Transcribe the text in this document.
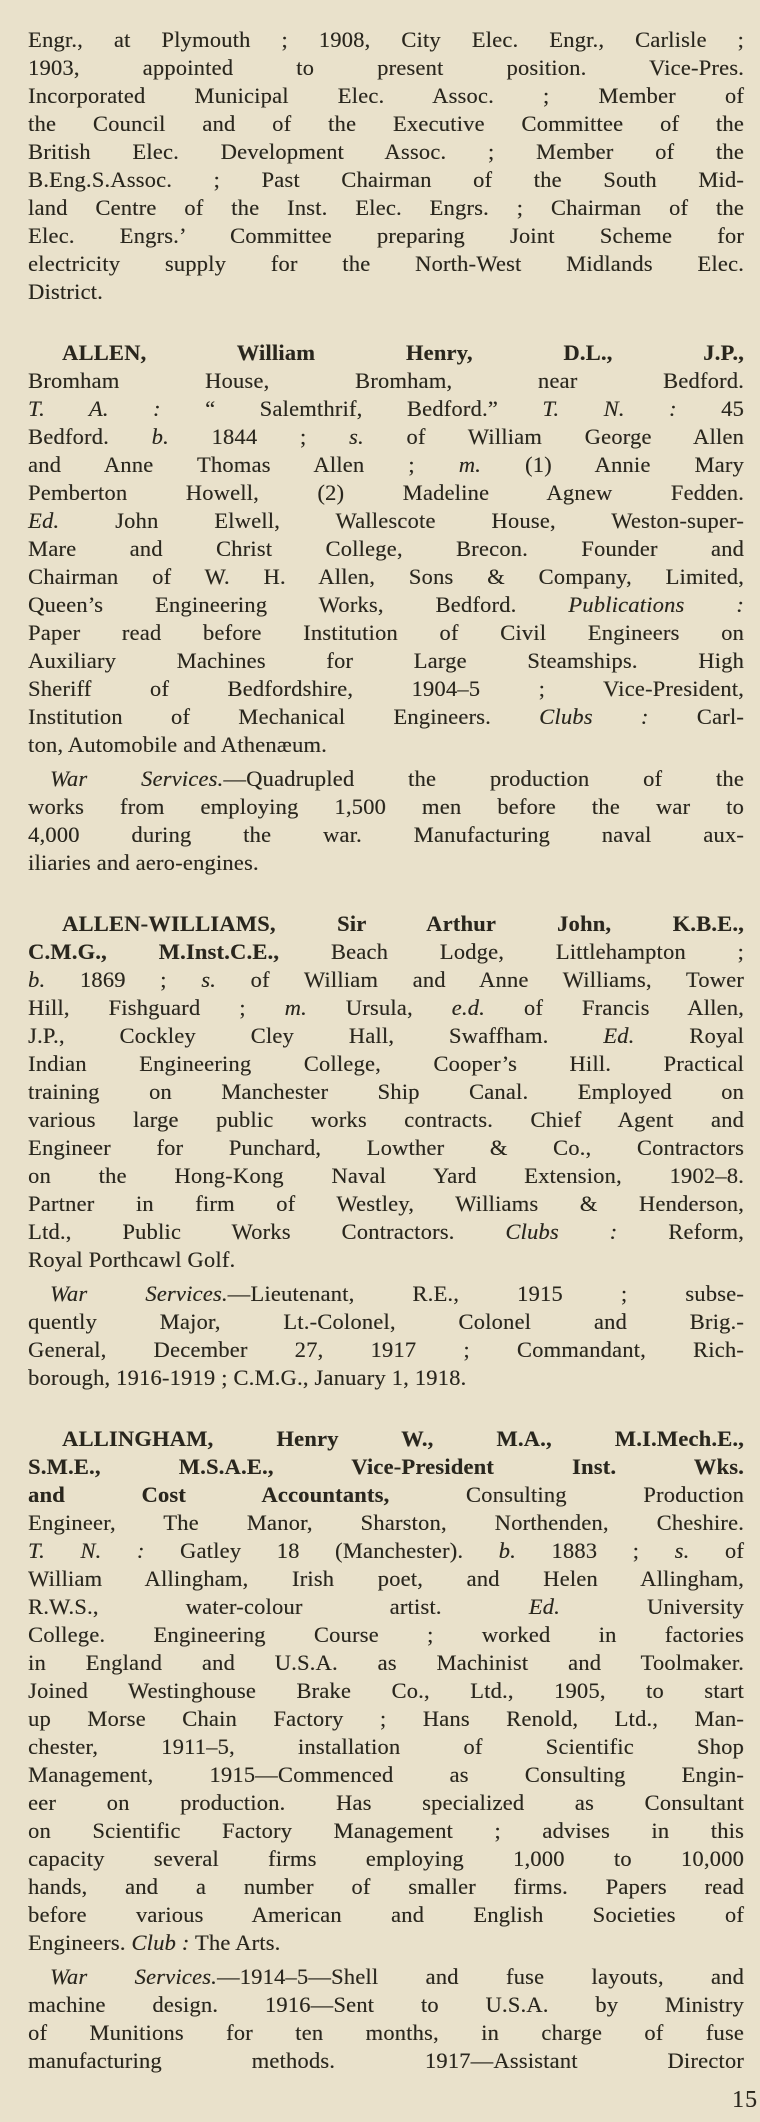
Engr., at Plymouth ; 1908, City Elec. Engr., Carlisle ;
1903, appointed to present position. Vice-Pres.
Incorporated Municipal Elec. Assoc. ; Member of
the Council and of the Executive Committee of the
British Elec. Development Assoc. ; Member of the
B.Eng.S.Assoc. ; Past Chairman of the South Mid-
land Centre of the Inst. Elec. Engrs. ; Chairman of the
Elec. Engrs.’ Committee preparing Joint Scheme for
electricity supply for the North-West Midlands Elec.
District.
ALLEN, William Henry, D.L., J.P.,
Bromham House, Bromham, near Bedford.
T. A. : “ Salemthrif, Bedford.” T. N. : 45
Bedford. b. 1844 ; s. of William George Allen
and Anne Thomas Allen ; m. (1) Annie Mary
Pemberton Howell, (2) Madeline Agnew Fedden.
Ed. John Elwell, Wallescote House, Weston-super-
Mare and Christ College, Brecon. Founder and
Chairman of W. H. Allen, Sons & Company, Limited,
Queen’s Engineering Works, Bedford. Publications :
Paper read before Institution of Civil Engineers on
Auxiliary Machines for Large Steamships. High
Sheriff of Bedfordshire, 1904–5 ; Vice-President,
Institution of Mechanical Engineers. Clubs : Carl-
ton, Automobile and Athenæum.
War Services.—Quadrupled the production of the
works from employing 1,500 men before the war to
4,000 during the war. Manufacturing naval aux-
iliaries and aero-engines.
ALLEN-WILLIAMS, Sir Arthur John, K.B.E.,
C.M.G., M.Inst.C.E., Beach Lodge, Littlehampton ;
b. 1869 ; s. of William and Anne Williams, Tower
Hill, Fishguard ; m. Ursula, e.d. of Francis Allen,
J.P., Cockley Cley Hall, Swaffham. Ed. Royal
Indian Engineering College, Cooper’s Hill. Practical
training on Manchester Ship Canal. Employed on
various large public works contracts. Chief Agent and
Engineer for Punchard, Lowther & Co., Contractors
on the Hong-Kong Naval Yard Extension, 1902–8.
Partner in firm of Westley, Williams & Henderson,
Ltd., Public Works Contractors. Clubs : Reform,
Royal Porthcawl Golf.
War Services.—Lieutenant, R.E., 1915 ; subse-
quently Major, Lt.-Colonel, Colonel and Brig.-
General, December 27, 1917 ; Commandant, Rich-
borough, 1916-1919 ; C.M.G., January 1, 1918.
ALLINGHAM, Henry W., M.A., M.I.Mech.E.,
S.M.E., M.S.A.E., Vice-President Inst. Wks.
and Cost Accountants, Consulting Production
Engineer, The Manor, Sharston, Northenden, Cheshire.
T. N. : Gatley 18 (Manchester). b. 1883 ; s. of
William Allingham, Irish poet, and Helen Allingham,
R.W.S., water-colour artist. Ed. University
College. Engineering Course ; worked in factories
in England and U.S.A. as Machinist and Toolmaker.
Joined Westinghouse Brake Co., Ltd., 1905, to start
up Morse Chain Factory ; Hans Renold, Ltd., Man-
chester, 1911–5, installation of Scientific Shop
Management, 1915—Commenced as Consulting Engin-
eer on production. Has specialized as Consultant
on Scientific Factory Management ; advises in this
capacity several firms employing 1,000 to 10,000
hands, and a number of smaller firms. Papers read
before various American and English Societies of
Engineers. Club : The Arts.
War Services.—1914–5—Shell and fuse layouts, and
machine design. 1916—Sent to U.S.A. by Ministry
of Munitions for ten months, in charge of fuse
manufacturing methods. 1917—Assistant Director
15
